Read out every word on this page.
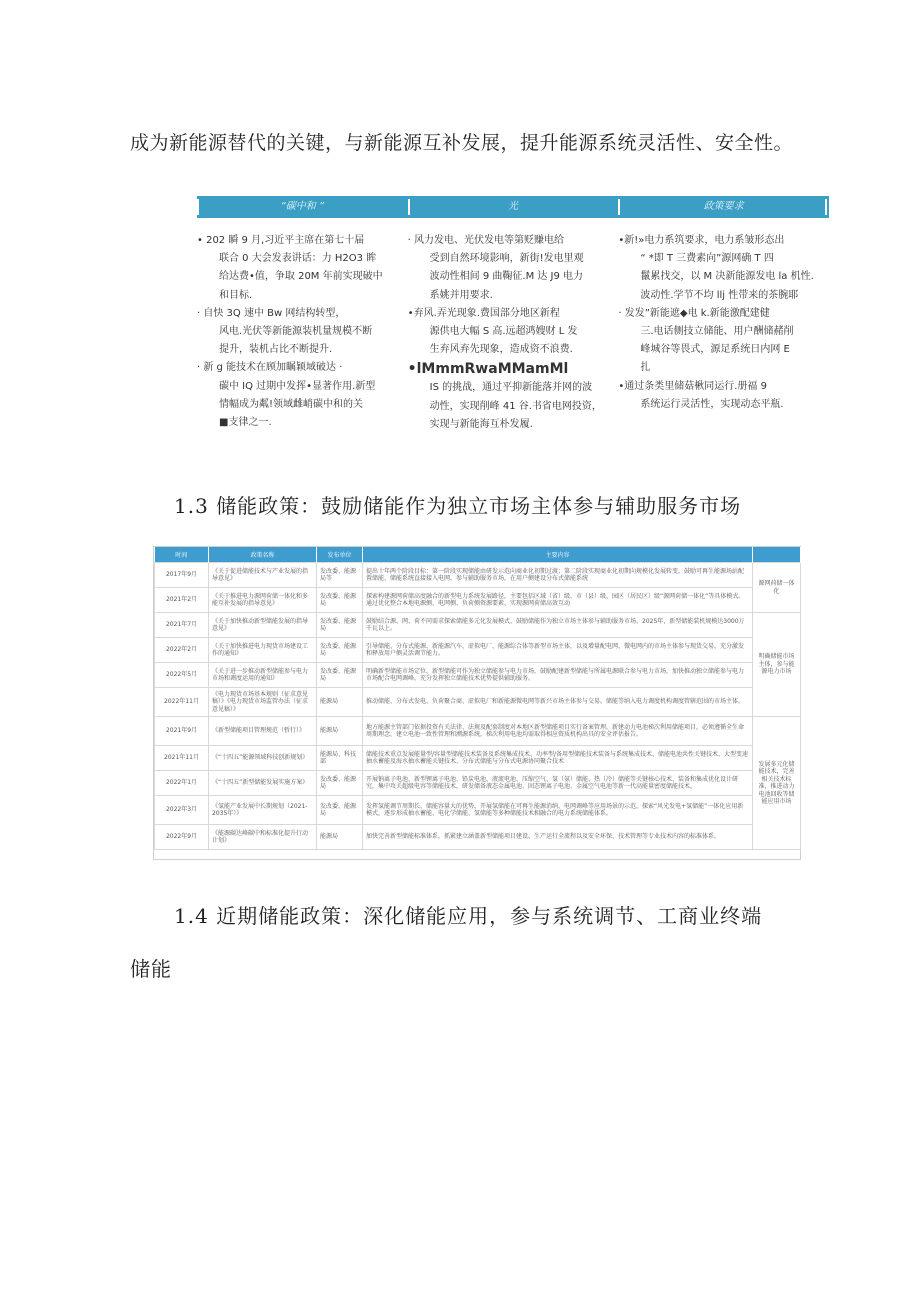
成为新能源替代的关键，与新能源互补发展，提升能源系统灵活性、安全性。
“碳中和 ”	光	政策要求
• 202 瞬 9 月,习近平主席在第七十届
联合 0 大会发表讲话：力 H2O3 眸
给达费•值，争取 20M 年前实现破中
和目标.
· 自快 3Q 速中 Bw 网结构转型，
风电.光伏等新能源装机量规模不断
提升，装机占比不断提升.
· 新 g 能技术在顾加瞩颖域破达 ·
碳中 IQ 过期中发挥•显著作用.新型
情幅成为粼!领域雌峭碳中和的关
■支律之一.
· 风力发电、光伏发电等第贬赚电给
受到自然环境影响，新街!发电里观
波动性相间 9 曲鞠征.M 达 J9 电力
系姚并用要求.
•弃风.弄光现象.费国部分地区新程
源供电大幅 S 高.远超鸿嫂财 L 发
生弃风弃先现象，造成资不浪费.
•lMmmRwaMMamMl
IS 的挑战，通过平抑新能落并网的波
动性，实现削峰 41 谷.书省电网投资，
实现与新能海互朴发履.
•新!»电力系筑要求，电力系皱形态出
“ *即 T 三费素向”源网确 T 四
鬣累找交，以 M 决新能源发电 la 机性.
波动性.学节不均 llj 性带来的茶腕耶
· 发发”新能遮◆电 k.新能激配建健
三.电话侧技立储能、用户酬储赭削
峰城谷等畏式，源足系统日内网 E
扎
•通过条类里储菇楸同运行.册福 9
系统运行灵活性，实现动态平瓶.
1.3 储能政策：鼓励储能作为独立市场主体参与辅助服务市场
时间	政策名称	发布单位	主要内容	
2017年9月	《关于促进储能技术与产业发展的指导意见》	发改委、能源局等	提出十年两个阶段目标：第一阶段实现储能由研发示范向商业化初期过渡；第二阶段实现商业化初期向规模化发展转变。鼓励可再生能源场站配置储能、储能系统直接接入电网、参与辅助服务市场，在用户侧建设分布式储能系统	源网荷储一体化
2021年2月	《关于推进电力源网荷储一体化和多能互补发展的指导意见》	发改委、能源局	探索构建源网荷储高度融合的新型电力系统发展路径，主要包括区域（省）级、市（县）级、园区（居民区）级“源网荷储一体化”等具体模式。通过优化整合本地电源侧、电网侧、负荷侧资源要素，实现源网荷储高效互动	
2021年7月	《关于加快推动新型储能发展的指导意见》	发改委、能源局	鼓励结合源、网、荷不同需求探索储能多元化发展模式，鼓励储能作为独立市场主体参与辅助服务市场。2025年，新型储能装机规模达3000万千瓦以上。	明确储能市场主体，参与能源电力市场
2022年2月	《关于加快推进电力现货市场建设工作的通知》	发改委、能源局	引导储能、分布式能源、新能源汽车、虚拟电厂、能源综合体等新型市场主体，以及增量配电网、微电网内的市场主体参与现货交易，充分激发和释放用户侧灵活调节能力。	
2022年5月	《关于进一步推动新型储能参与电力市场和调度运用的通知》	发改委、能源局	明确新型储能市场定位，新型储能可作为独立储能参与电力市场，鼓励配建新型储能与所属电源联合参与电力市场，加快推动独立储能参与电力市场配合电网调峰，充分发挥独立储能技术优势提供辅助服务。	
2022年11月	《电力现货市场基本规则（征求意见稿）》《电力现货市场监管办法（征求意见稿）》	能源局	推动储能、分布式发电、负荷聚合商、虚拟电厂和新能源微电网等新兴市场主体参与交易。储能等纳入电力调度机构调度管辖范围的市场主体。	
2021年9月	《新型储能项目管理规范（暂行）》	能源局	地方能源主管部门依据投资有关法律、法规及配套制度对本地区新型储能项目实行备案管理。新建动力电池梯次利用储能项目，必须遵循全生命周期理念，建立电池一致性管理和溯源系统，梯次利用电池均需取得相应资质机构出具的安全评估报告。	发展多元化储能技术，完善相关技术标准，推进动力电池回收等储能应用市场
2021年11月	《“十四五”能源领域科技创新规划》	能源局、科技部	储能技术重点发展能量型/容量型储能技术装备及系统集成技术、功率型/备用型储能技术装备与系统集成技术、储能电池共性关键技术、大型变速抽水蓄能及海水抽水蓄能关键技术、分布式储能与分布式电源协同聚合技术	
2022年1月	《“十四五”新型储能发展实施方案》	发改委、能源局	开展钠离子电池、新型锂离子电池、铅炭电池、液流电池、压缩空气、氢（氨）储能、热（冷）储能等关键核心技术、装备和集成优化设计研究，集中攻关超级电容等储能技术，研发储备液态金属电池、固态锂离子电池、金属空气电池等新一代高能量密度储能技术。	
2022年3月	《氢能产业发展中长期规划（2021-2035年）》	发改委、能源局	发挥氢能调节周期长、储能容量大的优势，开展氢储能在可再生能源消纳、电网调峰等应用场景的示范，探索“风光发电+氢储能”一体化应用新模式，逐步形成抽水蓄能、电化学储能、氢储能等多种储能技术相融合的电力系统储能体系。	
2022年9月	《能源碳达峰碳中和标准化提升行动计划》	能源局	加快完善新型储能标准体系，抓紧建立涵盖新型储能项目建设、生产运行全流程以及安全环保、技术管理等专业技术内容的标准体系。	
1.4 近期储能政策：深化储能应用，参与系统调节、工商业终端
储能
